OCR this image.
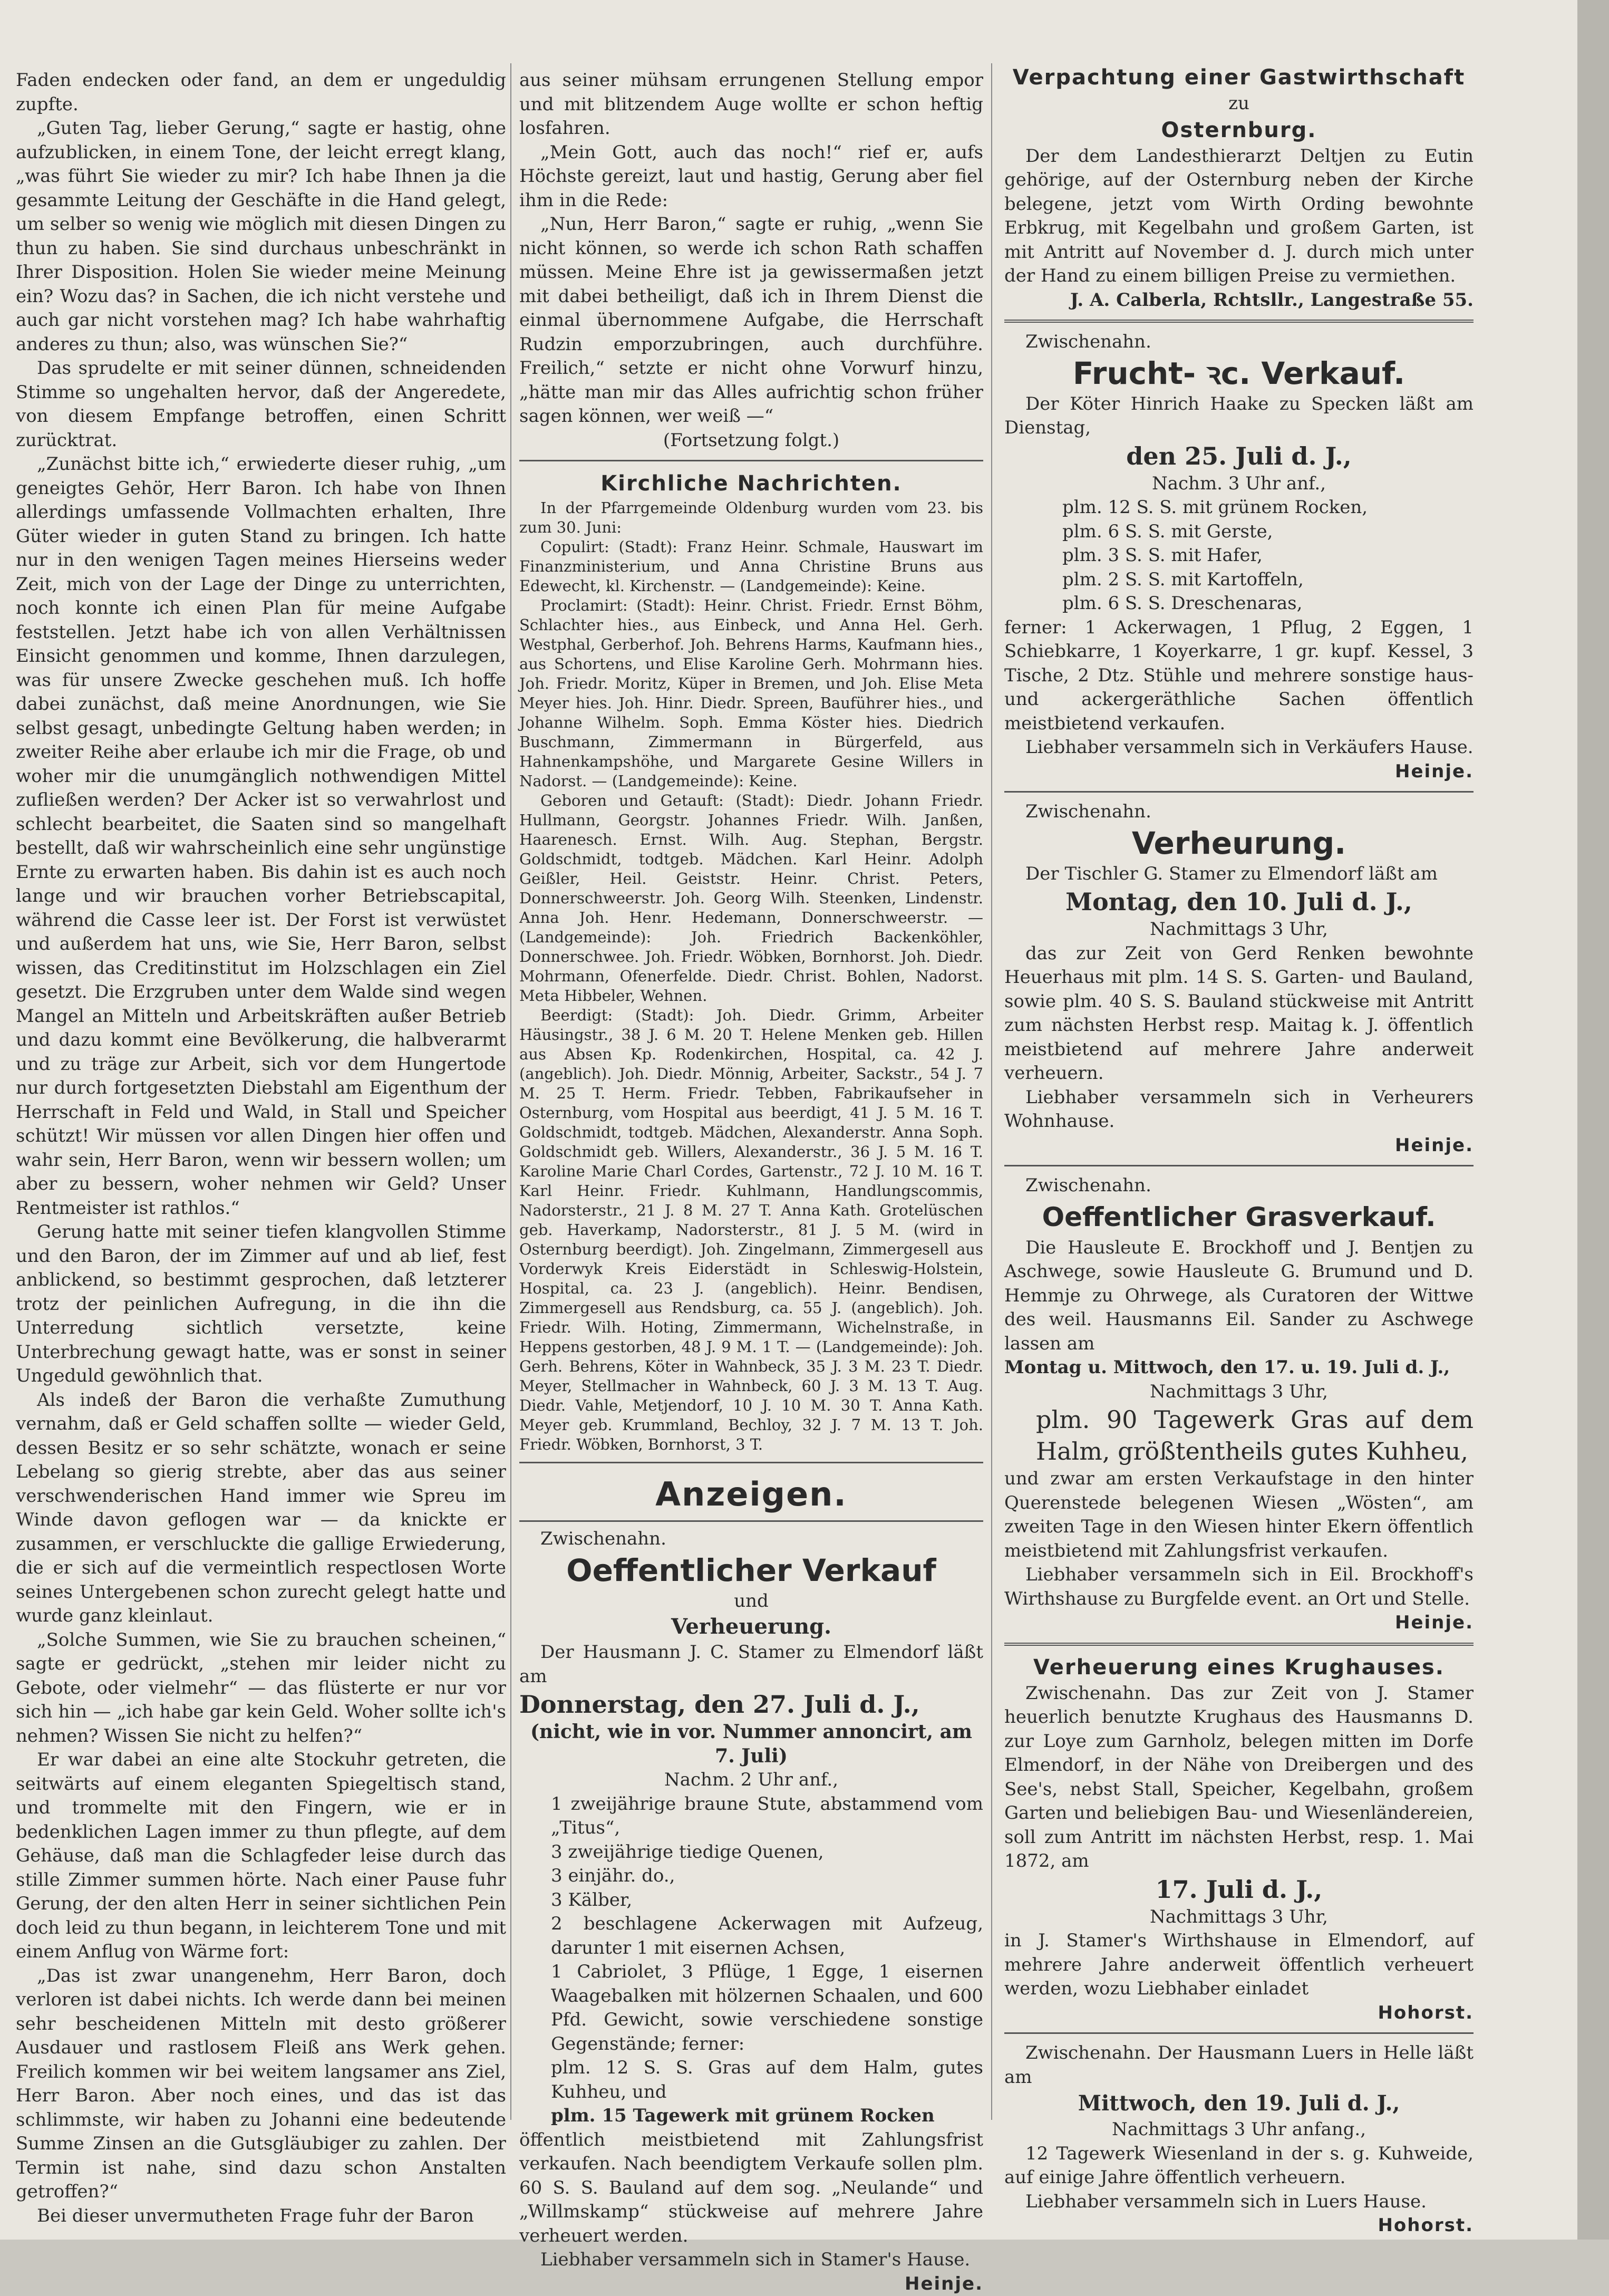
Faden endecken oder fand, an dem er ungeduldig zupfte.

„Guten Tag, lieber Gerung,“ sagte er hastig, ohne aufzublicken, in einem Tone, der leicht erregt klang, „was führt Sie wieder zu mir? Ich habe Ihnen ja die gesammte Leitung der Geschäfte in die Hand gelegt, um selber so wenig wie möglich mit diesen Dingen zu thun zu haben. Sie sind durchaus unbeschränkt in Ihrer Disposition. Holen Sie wieder meine Meinung ein? Wozu das? in Sachen, die ich nicht verstehe und auch gar nicht vorstehen mag? Ich habe wahrhaftig anderes zu thun; also, was wünschen Sie?“

Das sprudelte er mit seiner dünnen, schneidenden Stimme so ungehalten hervor, daß der Angeredete, von diesem Empfange betroffen, einen Schritt zurücktrat.

„Zunächst bitte ich,“ erwiederte dieser ruhig, „um geneigtes Gehör, Herr Baron. Ich habe von Ihnen allerdings umfassende Vollmachten erhalten, Ihre Güter wieder in guten Stand zu bringen. Ich hatte nur in den wenigen Tagen meines Hierseins weder Zeit, mich von der Lage der Dinge zu unterrichten, noch konnte ich einen Plan für meine Aufgabe feststellen. Jetzt habe ich von allen Verhältnissen Einsicht genommen und komme, Ihnen darzulegen, was für unsere Zwecke geschehen muß. Ich hoffe dabei zunächst, daß meine Anordnungen, wie Sie selbst gesagt, unbedingte Geltung haben werden; in zweiter Reihe aber erlaube ich mir die Frage, ob und woher mir die unumgänglich nothwendigen Mittel zufließen werden? Der Acker ist so verwahrlost und schlecht bearbeitet, die Saaten sind so mangelhaft bestellt, daß wir wahrscheinlich eine sehr ungünstige Ernte zu erwarten haben. Bis dahin ist es auch noch lange und wir brauchen vorher Betriebscapital, während die Casse leer ist. Der Forst ist verwüstet und außerdem hat uns, wie Sie, Herr Baron, selbst wissen, das Creditinstitut im Holzschlagen ein Ziel gesetzt. Die Erzgruben unter dem Walde sind wegen Mangel an Mitteln und Arbeitskräften außer Betrieb und dazu kommt eine Bevölkerung, die halbverarmt und zu träge zur Arbeit, sich vor dem Hungertode nur durch fortgesetzten Diebstahl am Eigenthum der Herrschaft in Feld und Wald, in Stall und Speicher schützt! Wir müssen vor allen Dingen hier offen und wahr sein, Herr Baron, wenn wir bessern wollen; um aber zu bessern, woher nehmen wir Geld? Unser Rentmeister ist rathlos.“

Gerung hatte mit seiner tiefen klangvollen Stimme und den Baron, der im Zimmer auf und ab lief, fest anblickend, so bestimmt gesprochen, daß letzterer trotz der peinlichen Aufregung, in die ihn die Unterredung sichtlich versetzte, keine Unterbrechung gewagt hatte, was er sonst in seiner Ungeduld gewöhnlich that.

Als indeß der Baron die verhaßte Zumuthung vernahm, daß er Geld schaffen sollte — wieder Geld, dessen Besitz er so sehr schätzte, wonach er seine Lebelang so gierig strebte, aber das aus seiner verschwenderischen Hand immer wie Spreu im Winde davon geflogen war — da knickte er zusammen, er verschluckte die gallige Erwiederung, die er sich auf die vermeintlich respectlosen Worte seines Untergebenen schon zurecht gelegt hatte und wurde ganz kleinlaut.

„Solche Summen, wie Sie zu brauchen scheinen,“ sagte er gedrückt, „stehen mir leider nicht zu Gebote, oder vielmehr“ — das flüsterte er nur vor sich hin — „ich habe gar kein Geld. Woher sollte ich's nehmen? Wissen Sie nicht zu helfen?“

Er war dabei an eine alte Stockuhr getreten, die seitwärts auf einem eleganten Spiegeltisch stand, und trommelte mit den Fingern, wie er in bedenklichen Lagen immer zu thun pflegte, auf dem Gehäuse, daß man die Schlagfeder leise durch das stille Zimmer summen hörte. Nach einer Pause fuhr Gerung, der den alten Herr in seiner sichtlichen Pein doch leid zu thun begann, in leichterem Tone und mit einem Anflug von Wärme fort:

„Das ist zwar unangenehm, Herr Baron, doch verloren ist dabei nichts. Ich werde dann bei meinen sehr bescheidenen Mitteln mit desto größerer Ausdauer und rastlosem Fleiß ans Werk gehen. Freilich kommen wir bei weitem langsamer ans Ziel, Herr Baron. Aber noch eines, und das ist das schlimmste, wir haben zu Johanni eine bedeutende Summe Zinsen an die Gutsgläubiger zu zahlen. Der Termin ist nahe, sind dazu schon Anstalten getroffen?“

Bei dieser unvermutheten Frage fuhr der Baron

aus seiner mühsam errungenen Stellung empor und mit blitzendem Auge wollte er schon heftig losfahren.

„Mein Gott, auch das noch!“ rief er, aufs Höchste gereizt, laut und hastig, Gerung aber fiel ihm in die Rede:

„Nun, Herr Baron,“ sagte er ruhig, „wenn Sie nicht können, so werde ich schon Rath schaffen müssen. Meine Ehre ist ja gewissermaßen jetzt mit dabei betheiligt, daß ich in Ihrem Dienst die einmal übernommene Aufgabe, die Herrschaft Rudzin emporzubringen, auch durchführe. Freilich,“ setzte er nicht ohne Vorwurf hinzu, „hätte man mir das Alles aufrichtig schon früher sagen können, wer weiß —“

(Fortsetzung folgt.)

Kirchliche Nachrichten.

In der Pfarrgemeinde Oldenburg wurden vom 23. bis zum 30. Juni:

Copulirt: (Stadt): Franz Heinr. Schmale, Hauswart im Finanzministerium, und Anna Christine Bruns aus Edewecht, kl. Kirchenstr. — (Landgemeinde): Keine.

Proclamirt: (Stadt): Heinr. Christ. Friedr. Ernst Böhm, Schlachter hies., aus Einbeck, und Anna Hel. Gerh. Westphal, Gerberhof. Joh. Behrens Harms, Kaufmann hies., aus Schortens, und Elise Karoline Gerh. Mohrmann hies. Joh. Friedr. Moritz, Küper in Bremen, und Joh. Elise Meta Meyer hies. Joh. Hinr. Diedr. Spreen, Bauführer hies., und Johanne Wilhelm. Soph. Emma Köster hies. Diedrich Buschmann, Zimmermann in Bürgerfeld, aus Hahnenkampshöhe, und Margarete Gesine Willers in Nadorst. — (Landgemeinde): Keine.

Geboren und Getauft: (Stadt): Diedr. Johann Friedr. Hullmann, Georgstr. Johannes Friedr. Wilh. Janßen, Haarenesch. Ernst. Wilh. Aug. Stephan, Bergstr. Goldschmidt, todtgeb. Mädchen. Karl Heinr. Adolph Geißler, Heil. Geiststr. Heinr. Christ. Peters, Donnerschweerstr. Joh. Georg Wilh. Steenken, Lindenstr. Anna Joh. Henr. Hedemann, Donnerschweerstr. — (Landgemeinde): Joh. Friedrich Backenköhler, Donnerschwee. Joh. Friedr. Wöbken, Bornhorst. Joh. Diedr. Mohrmann, Ofenerfelde. Diedr. Christ. Bohlen, Nadorst. Meta Hibbeler, Wehnen.

Beerdigt: (Stadt): Joh. Diedr. Grimm, Arbeiter Häusingstr., 38 J. 6 M. 20 T. Helene Menken geb. Hillen aus Absen Kp. Rodenkirchen, Hospital, ca. 42 J. (angeblich). Joh. Diedr. Mönnig, Arbeiter, Sackstr., 54 J. 7 M. 25 T. Herm. Friedr. Tebben, Fabrikaufseher in Osternburg, vom Hospital aus beerdigt, 41 J. 5 M. 16 T. Goldschmidt, todtgeb. Mädchen, Alexanderstr. Anna Soph. Goldschmidt geb. Willers, Alexanderstr., 36 J. 5 M. 16 T. Karoline Marie Charl Cordes, Gartenstr., 72 J. 10 M. 16 T. Karl Heinr. Friedr. Kuhlmann, Handlungscommis, Nadorsterstr., 21 J. 8 M. 27 T. Anna Kath. Grotelüschen geb. Haverkamp, Nadorsterstr., 81 J. 5 M. (wird in Osternburg beerdigt). Joh. Zingelmann, Zimmergesell aus Vorderwyk Kreis Eiderstädt in Schleswig-Holstein, Hospital, ca. 23 J. (angeblich). Heinr. Bendisen, Zimmergesell aus Rendsburg, ca. 55 J. (angeblich). Joh. Friedr. Wilh. Hoting, Zimmermann, Wichelnstraße, in Heppens gestorben, 48 J. 9 M. 1 T. — (Landgemeinde): Joh. Gerh. Behrens, Köter in Wahnbeck, 35 J. 3 M. 23 T. Diedr. Meyer, Stellmacher in Wahnbeck, 60 J. 3 M. 13 T. Aug. Diedr. Vahle, Metjendorf, 10 J. 10 M. 30 T. Anna Kath. Meyer geb. Krummland, Bechloy, 32 J. 7 M. 13 T. Joh. Friedr. Wöbken, Bornhorst, 3 T.

Anzeigen.

Zwischenahn.

Oeffentlicher Verkauf

und

Verheuerung.

Der Hausmann J. C. Stamer zu Elmendorf läßt am

Donnerstag, den 27. Juli d. J.,

(nicht, wie in vor. Nummer annoncirt, am 7. Juli)

Nachm. 2 Uhr anf.,

1 zweijährige braune Stute, abstammend vom „Titus“,

3 zweijährige tiedige Quenen,

3 einjähr. do.,

3 Kälber,

2 beschlagene Ackerwagen mit Aufzeug, darunter 1 mit eisernen Achsen,

1 Cabriolet, 3 Pflüge, 1 Egge, 1 eisernen Waagebalken mit hölzernen Schaalen, und 600 Pfd. Gewicht, sowie verschiedene sonstige Gegenstände; ferner:

plm. 12 S. S. Gras auf dem Halm, gutes Kuhheu, und

plm. 15 Tagewerk mit grünem Rocken

öffentlich meistbietend mit Zahlungsfrist verkaufen. Nach beendigtem Verkaufe sollen plm. 60 S. S. Bauland auf dem sog. „Neulande“ und „Willmskamp“ stückweise auf mehrere Jahre verheuert werden.

Liebhaber versammeln sich in Stamer's Hause.

Heinje.

Verpachtung einer Gastwirthschaft

zu

Osternburg.

Der dem Landesthierarzt Deltjen zu Eutin gehörige, auf der Osternburg neben der Kirche belegene, jetzt vom Wirth Ording bewohnte Erbkrug, mit Kegelbahn und großem Garten, ist mit Antritt auf November d. J. durch mich unter der Hand zu einem billigen Preise zu vermiethen.

J. A. Calberla, Rchtsllr., Langestraße 55.

Zwischenahn.

Frucht- ꝛc. Verkauf.

Der Köter Hinrich Haake zu Specken läßt am Dienstag,

den 25. Juli d. J.,

Nachm. 3 Uhr anf.,

plm. 12 S. S. mit grünem Rocken,

plm. 6 S. S. mit Gerste,

plm. 3 S. S. mit Hafer,

plm. 2 S. S. mit Kartoffeln,

plm. 6 S. S. Dreschenaras,

ferner: 1 Ackerwagen, 1 Pflug, 2 Eggen, 1 Schiebkarre, 1 Koyerkarre, 1 gr. kupf. Kessel, 3 Tische, 2 Dtz. Stühle und mehrere sonstige haus- und ackergeräthliche Sachen öffentlich meistbietend verkaufen.

Liebhaber versammeln sich in Verkäufers Hause.

Heinje.

Zwischenahn.

Verheurung.

Der Tischler G. Stamer zu Elmendorf läßt am

Montag, den 10. Juli d. J.,

Nachmittags 3 Uhr,

das zur Zeit von Gerd Renken bewohnte Heuerhaus mit plm. 14 S. S. Garten- und Bauland, sowie plm. 40 S. S. Bauland stückweise mit Antritt zum nächsten Herbst resp. Maitag k. J. öffentlich meistbietend auf mehrere Jahre anderweit verheuern.

Liebhaber versammeln sich in Verheurers Wohnhause.

Heinje.

Zwischenahn.

Oeffentlicher Grasverkauf.

Die Hausleute E. Brockhoff und J. Bentjen zu Aschwege, sowie Hausleute G. Brumund und D. Hemmje zu Ohrwege, als Curatoren der Wittwe des weil. Hausmanns Eil. Sander zu Aschwege lassen am

Montag u. Mittwoch, den 17. u. 19. Juli d. J.,

Nachmittags 3 Uhr,

plm. 90 Tagewerk Gras auf dem Halm, größtentheils gutes Kuhheu,

und zwar am ersten Verkaufstage in den hinter Querenstede belegenen Wiesen „Wösten“, am zweiten Tage in den Wiesen hinter Ekern öffentlich meistbietend mit Zahlungsfrist verkaufen.

Liebhaber versammeln sich in Eil. Brockhoff's Wirthshause zu Burgfelde event. an Ort und Stelle.

Heinje.

Verheuerung eines Krughauses.

Zwischenahn. Das zur Zeit von J. Stamer heuerlich benutzte Krughaus des Hausmanns D. zur Loye zum Garnholz, belegen mitten im Dorfe Elmendorf, in der Nähe von Dreibergen und des See's, nebst Stall, Speicher, Kegelbahn, großem Garten und beliebigen Bau- und Wiesenländereien, soll zum Antritt im nächsten Herbst, resp. 1. Mai 1872, am

17. Juli d. J.,

Nachmittags 3 Uhr,

in J. Stamer's Wirthshause in Elmendorf, auf mehrere Jahre anderweit öffentlich verheuert werden, wozu Liebhaber einladet

Hohorst.

Zwischenahn. Der Hausmann Luers in Helle läßt am

Mittwoch, den 19. Juli d. J.,

Nachmittags 3 Uhr anfang.,

12 Tagewerk Wiesenland in der s. g. Kuhweide, auf einige Jahre öffentlich verheuern.

Liebhaber versammeln sich in Luers Hause.

Hohorst.
